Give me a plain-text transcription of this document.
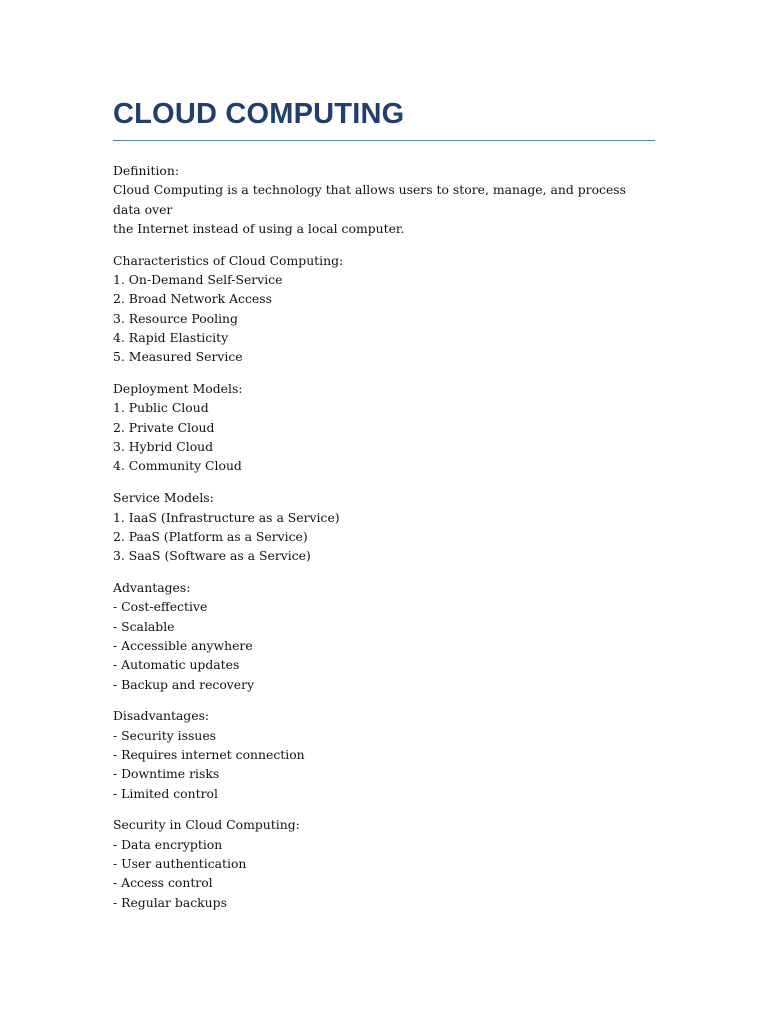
CLOUD COMPUTING
Definition:
Cloud Computing is a technology that allows users to store, manage, and process data over
the Internet instead of using a local computer.
Characteristics of Cloud Computing:
1. On-Demand Self-Service
2. Broad Network Access
3. Resource Pooling
4. Rapid Elasticity
5. Measured Service
Deployment Models:
1. Public Cloud
2. Private Cloud
3. Hybrid Cloud
4. Community Cloud
Service Models:
1. IaaS (Infrastructure as a Service)
2. PaaS (Platform as a Service)
3. SaaS (Software as a Service)
Advantages:
- Cost-effective
- Scalable
- Accessible anywhere
- Automatic updates
- Backup and recovery
Disadvantages:
- Security issues
- Requires internet connection
- Downtime risks
- Limited control
Security in Cloud Computing:
- Data encryption
- User authentication
- Access control
- Regular backups
